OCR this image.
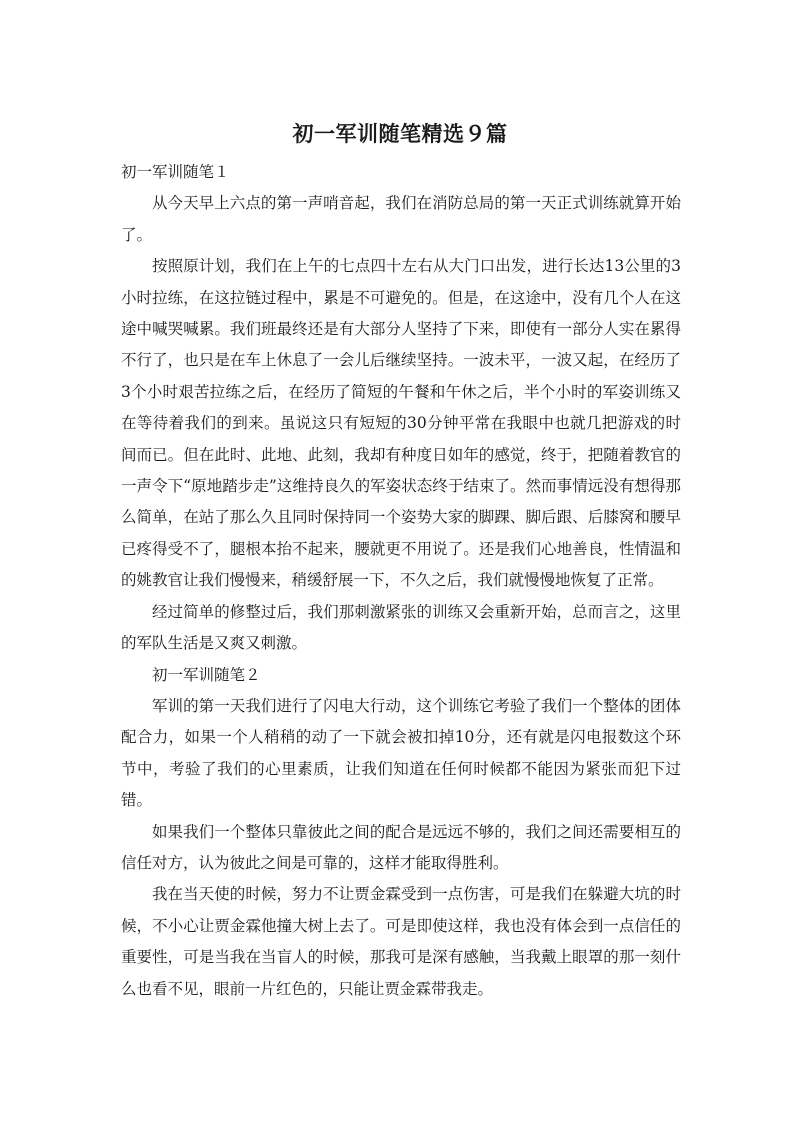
初一军训随笔精选９篇

初一军训随笔１

从今天早上六点的第一声哨音起，我们在消防总局的第一天正式训练就算开始了。

按照原计划，我们在上午的七点四十左右从大门口出发，进行长达13公里的3小时拉练，在这拉链过程中，累是不可避免的。但是，在这途中，没有几个人在这途中喊哭喊累。我们班最终还是有大部分人坚持了下来，即使有一部分人实在累得不行了，也只是在车上休息了一会儿后继续坚持。一波未平，一波又起，在经历了3个小时艰苦拉练之后，在经历了简短的午餐和午休之后，半个小时的军姿训练又在等待着我们的到来。虽说这只有短短的30分钟平常在我眼中也就几把游戏的时间而已。但在此时、此地、此刻，我却有种度日如年的感觉，终于，把随着教官的一声令下“原地踏步走”这维持良久的军姿状态终于结束了。然而事情远没有想得那么简单，在站了那么久且同时保持同一个姿势大家的脚踝、脚后跟、后膝窝和腰早已疼得受不了，腿根本抬不起来，腰就更不用说了。还是我们心地善良，性情温和的姚教官让我们慢慢来，稍缓舒展一下，不久之后，我们就慢慢地恢复了正常。

经过简单的修整过后，我们那刺激紧张的训练又会重新开始，总而言之，这里的军队生活是又爽又刺激。

初一军训随笔２

军训的第一天我们进行了闪电大行动，这个训练它考验了我们一个整体的团体配合力，如果一个人稍稍的动了一下就会被扣掉10分，还有就是闪电报数这个环节中，考验了我们的心里素质，让我们知道在任何时候都不能因为紧张而犯下过错。

如果我们一个整体只靠彼此之间的配合是远远不够的，我们之间还需要相互的信任对方，认为彼此之间是可靠的，这样才能取得胜利。

我在当天使的时候，努力不让贾金霖受到一点伤害，可是我们在躲避大坑的时候，不小心让贾金霖他撞大树上去了。可是即使这样，我也没有体会到一点信任的重要性，可是当我在当盲人的时候，那我可是深有感触，当我戴上眼罩的那一刻什么也看不见，眼前一片红色的，只能让贾金霖带我走。
